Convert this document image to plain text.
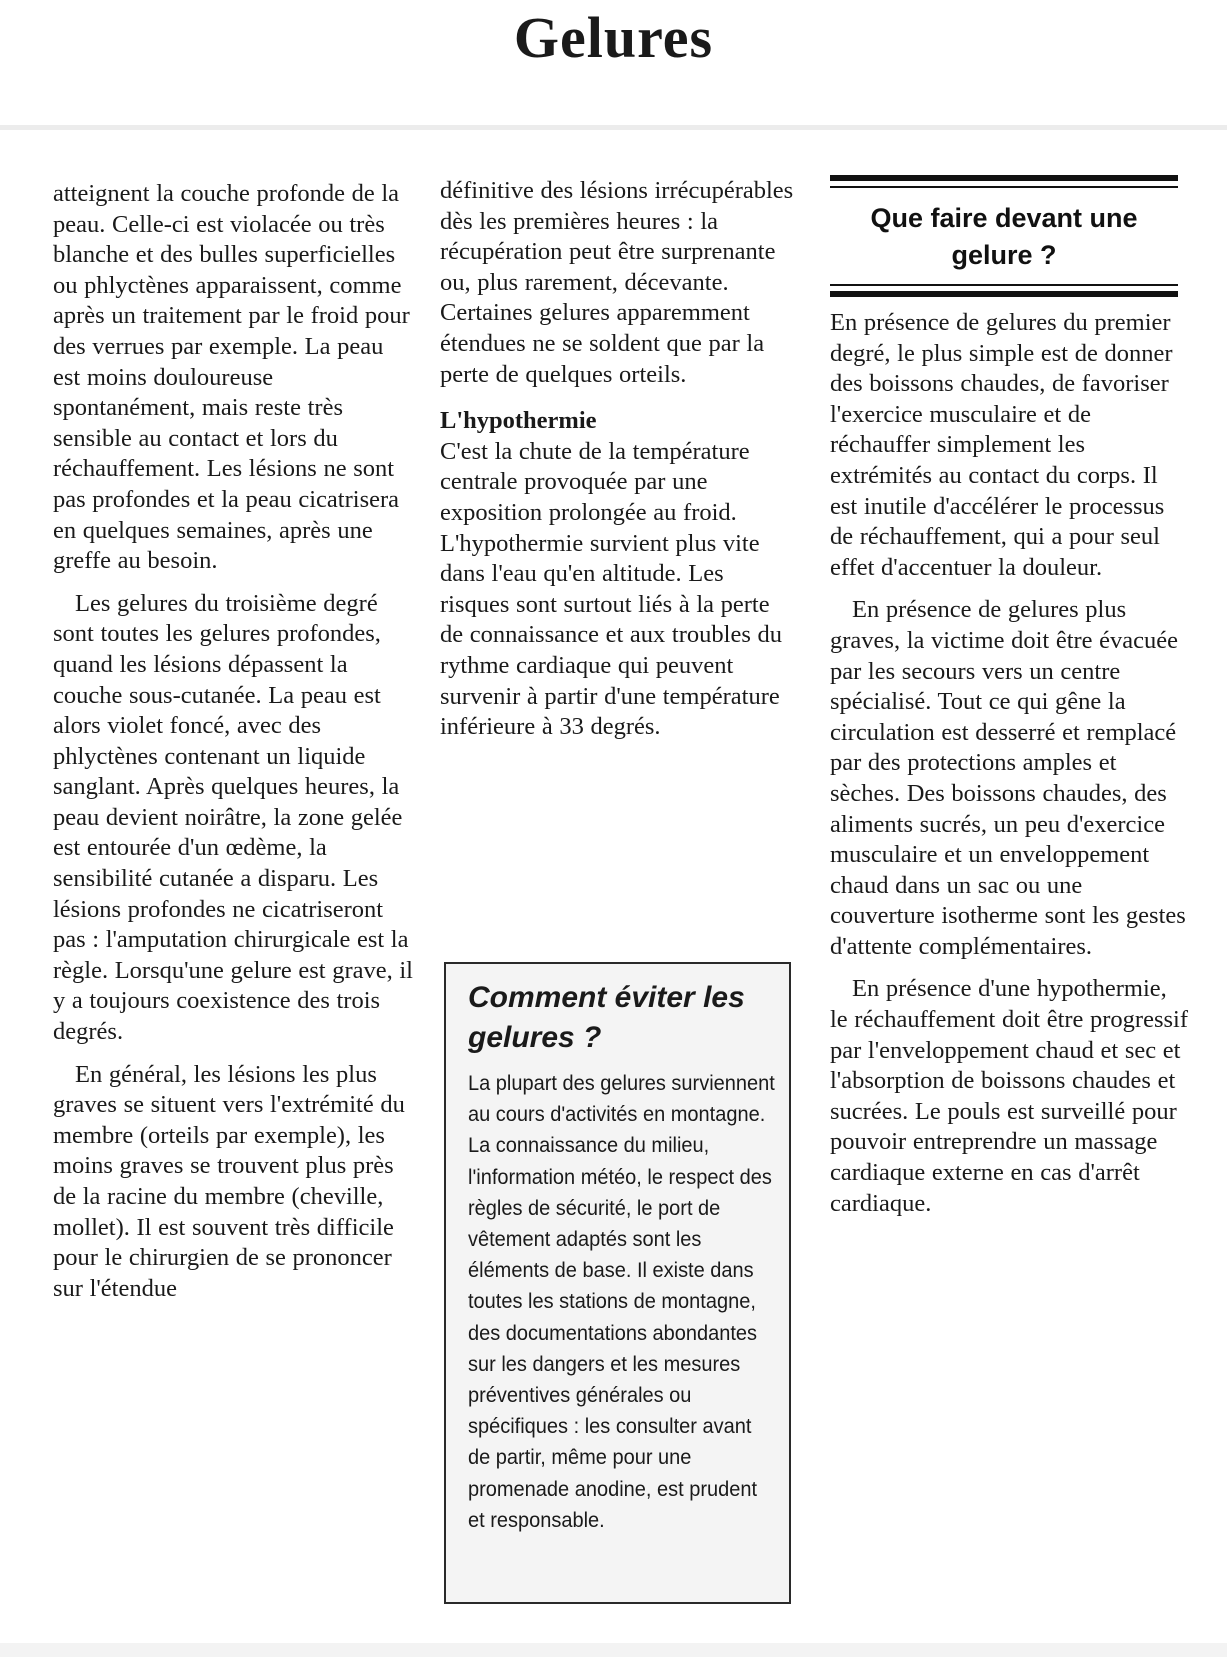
Gelures

atteignent la couche profonde de la peau. Celle-ci est violacée ou très blanche et des bulles superficielles ou phlyctènes apparaissent, comme après un traitement par le froid pour des verrues par exemple. La peau est moins douloureuse spontanément, mais reste très sensible au contact et lors du réchauffement. Les lésions ne sont pas profondes et la peau cicatrisera en quelques semaines, après une greffe au besoin.

Les gelures du troisième degré sont toutes les gelures profondes, quand les lésions dépassent la couche sous-cutanée. La peau est alors violet foncé, avec des phlyctènes contenant un liquide sanglant. Après quelques heures, la peau devient noirâtre, la zone gelée est entourée d'un œdème, la sensibilité cutanée a disparu. Les lésions profondes ne cicatriseront pas : l'amputation chirurgicale est la règle. Lorsqu'une gelure est grave, il y a toujours coexistence des trois degrés.

En général, les lésions les plus graves se situent vers l'extrémité du membre (orteils par exemple), les moins graves se trouvent plus près de la racine du membre (cheville, mollet). Il est souvent très difficile pour le chirurgien de se prononcer sur l'étendue

définitive des lésions irrécupérables dès les premières heures : la récupération peut être surprenante ou, plus rarement, décevante. Certaines gelures apparemment étendues ne se soldent que par la perte de quelques orteils.

L'hypothermie

C'est la chute de la température centrale provoquée par une exposition prolongée au froid. L'hypothermie survient plus vite dans l'eau qu'en altitude. Les risques sont surtout liés à la perte de connaissance et aux troubles du rythme cardiaque qui peuvent survenir à partir d'une température inférieure à 33 degrés.

Comment éviter les gelures ?

La plupart des gelures surviennent au cours d'activités en montagne. La connaissance du milieu, l'information météo, le respect des règles de sécurité, le port de vêtement adaptés sont les éléments de base. Il existe dans toutes les stations de montagne, des documentations abondantes sur les dangers et les mesures préventives générales ou spécifiques : les consulter avant de partir, même pour une promenade anodine, est prudent et responsable.

Que faire devant une gelure ?

En présence de gelures du premier degré, le plus simple est de donner des boissons chaudes, de favoriser l'exercice musculaire et de réchauffer simplement les extrémités au contact du corps. Il est inutile d'accélérer le processus de réchauffement, qui a pour seul effet d'accentuer la douleur.

En présence de gelures plus graves, la victime doit être évacuée par les secours vers un centre spécialisé. Tout ce qui gêne la circulation est desserré et remplacé par des protections amples et sèches. Des boissons chaudes, des aliments sucrés, un peu d'exercice musculaire et un enveloppement chaud dans un sac ou une couverture isotherme sont les gestes d'attente complémentaires.

En présence d'une hypothermie, le réchauffement doit être progressif par l'enveloppement chaud et sec et l'absorption de boissons chaudes et sucrées. Le pouls est surveillé pour pouvoir entreprendre un massage cardiaque externe en cas d'arrêt cardiaque.
